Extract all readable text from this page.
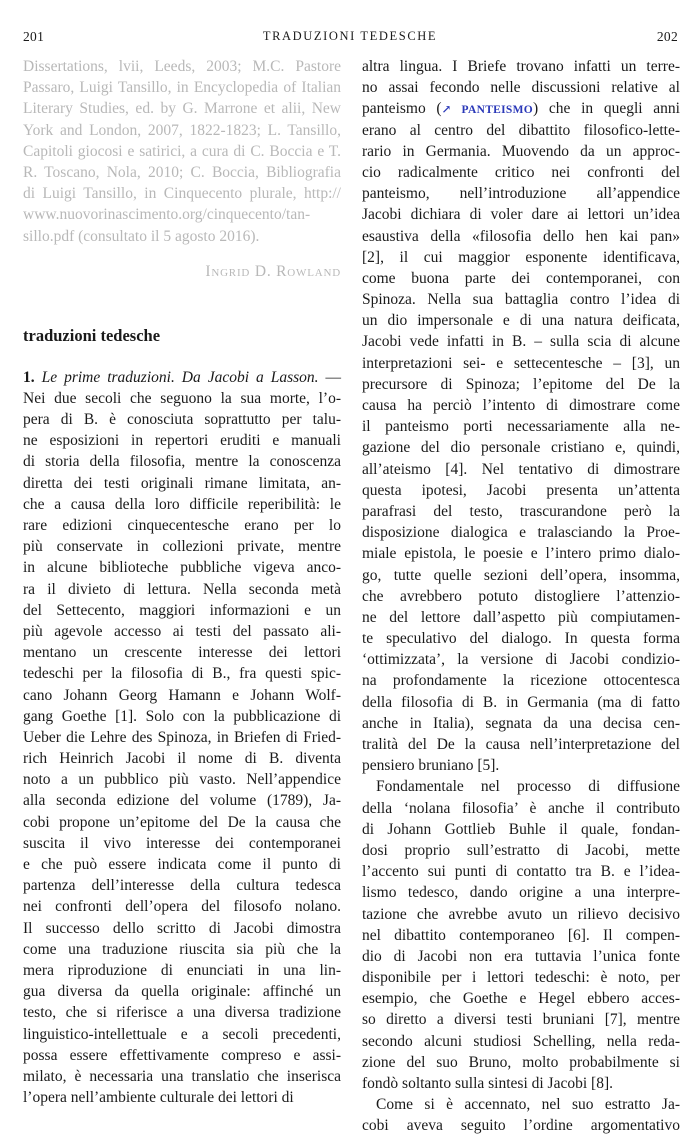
201	TRADUZIONI TEDESCHE	202
Dissertations, lvii, Leeds, 2003; M.C. Pastore
Passaro, Luigi Tansillo, in Encyclopedia of Italian
Literary Studies, ed. by G. Marrone et alii, New
York and London, 2007, 1822-1823; L. Tansillo,
Capitoli giocosi e satirici, a cura di C. Boccia e T.
R. Toscano, Nola, 2010; C. Boccia, Bibliografia
di Luigi Tansillo, in Cinquecento plurale, http://
www.nuovorinascimento.org/cinquecento/tan-
sillo.pdf (consultato il 5 agosto 2016).
Ingrid D. Rowland
traduzioni tedesche
1. Le prime traduzioni. Da Jacobi a Lasson. —
Nei due secoli che seguono la sua morte, l’o-
pera di B. è conosciuta soprattutto per talu-
ne esposizioni in repertori eruditi e manuali
di storia della filosofia, mentre la conoscenza
diretta dei testi originali rimane limitata, an-
che a causa della loro difficile reperibilità: le
rare edizioni cinquecentesche erano per lo
più conservate in collezioni private, mentre
in alcune biblioteche pubbliche vigeva anco-
ra il divieto di lettura. Nella seconda metà
del Settecento, maggiori informazioni e un
più agevole accesso ai testi del passato ali-
mentano un crescente interesse dei lettori
tedeschi per la filosofia di B., fra questi spic-
cano Johann Georg Hamann e Johann Wolf-
gang Goethe [1]. Solo con la pubblicazione di
Ueber die Lehre des Spinoza, in Briefen di Fried-
rich Heinrich Jacobi il nome di B. diventa
noto a un pubblico più vasto. Nell’appendice
alla seconda edizione del volume (1789), Ja-
cobi propone un’epitome del De la causa che
suscita il vivo interesse dei contemporanei
e che può essere indicata come il punto di
partenza dell’interesse della cultura tedesca
nei confronti dell’opera del filosofo nolano.
Il successo dello scritto di Jacobi dimostra
come una traduzione riuscita sia più che la
mera riproduzione di enunciati in una lin-
gua diversa da quella originale: affinché un
testo, che si riferisce a una diversa tradizione
linguistico-intellettuale e a secoli precedenti,
possa essere effettivamente compreso e assi-
milato, è necessaria una translatio che inserisca
l’opera nell’ambiente culturale dei lettori di
altra lingua. I Briefe trovano infatti un terre-
no assai fecondo nelle discussioni relative al
panteismo (↗ PANTEISMO) che in quegli anni
erano al centro del dibattito filosofico-lette-
rario in Germania. Muovendo da un approc-
cio radicalmente critico nei confronti del
panteismo, nell’introduzione all’appendice
Jacobi dichiara di voler dare ai lettori un’idea
esaustiva della «filosofia dello hen kai pan»
[2], il cui maggior esponente identificava,
come buona parte dei contemporanei, con
Spinoza. Nella sua battaglia contro l’idea di
un dio impersonale e di una natura deificata,
Jacobi vede infatti in B. – sulla scia di alcune
interpretazioni sei- e settecentesche – [3], un
precursore di Spinoza; l’epitome del De la
causa ha perciò l’intento di dimostrare come
il panteismo porti necessariamente alla ne-
gazione del dio personale cristiano e, quindi,
all’ateismo [4]. Nel tentativo di dimostrare
questa ipotesi, Jacobi presenta un’attenta
parafrasi del testo, trascurandone però la
disposizione dialogica e tralasciando la Proe-
miale epistola, le poesie e l’intero primo dialo-
go, tutte quelle sezioni dell’opera, insomma,
che avrebbero potuto distogliere l’attenzio-
ne del lettore dall’aspetto più compiutamen-
te speculativo del dialogo. In questa forma
‘ottimizzata’, la versione di Jacobi condizio-
na profondamente la ricezione ottocentesca
della filosofia di B. in Germania (ma di fatto
anche in Italia), segnata da una decisa cen-
tralità del De la causa nell’interpretazione del
pensiero bruniano [5].
Fondamentale nel processo di diffusione
della ‘nolana filosofia’ è anche il contributo
di Johann Gottlieb Buhle il quale, fondan-
dosi proprio sull’estratto di Jacobi, mette
l’accento sui punti di contatto tra B. e l’idea-
lismo tedesco, dando origine a una interpre-
tazione che avrebbe avuto un rilievo decisivo
nel dibattito contemporaneo [6]. Il compen-
dio di Jacobi non era tuttavia l’unica fonte
disponibile per i lettori tedeschi: è noto, per
esempio, che Goethe e Hegel ebbero acces-
so diretto a diversi testi bruniani [7], mentre
secondo alcuni studiosi Schelling, nella reda-
zione del suo Bruno, molto probabilmente si
fondò soltanto sulla sintesi di Jacobi [8].
Come si è accennato, nel suo estratto Ja-
cobi aveva seguito l’ordine argomentativo
